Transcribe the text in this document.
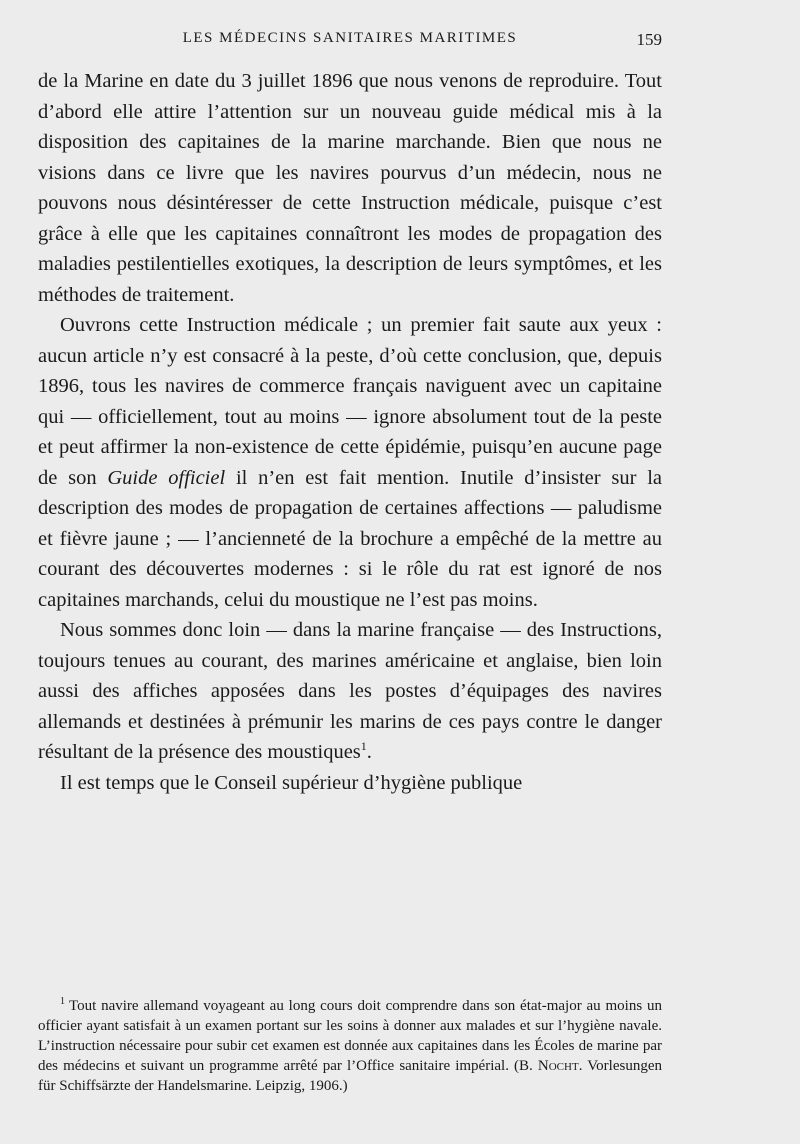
LES MÉDECINS SANITAIRES MARITIMES	159

de la Marine en date du 3 juillet 1896 que nous venons de reproduire. Tout d’abord elle attire l’attention sur un nouveau guide médical mis à la disposition des capitaines de la marine marchande. Bien que nous ne visions dans ce livre que les navires pourvus d’un médecin, nous ne pouvons nous désintéresser de cette Instruction médicale, puisque c’est grâce à elle que les capitaines connaîtront les modes de propagation des maladies pestilentielles exotiques, la description de leurs symptômes, et les méthodes de traitement.

Ouvrons cette Instruction médicale ; un premier fait saute aux yeux : aucun article n’y est consacré à la peste, d’où cette conclusion, que, depuis 1896, tous les navires de commerce français naviguent avec un capitaine qui — officiellement, tout au moins — ignore absolument tout de la peste et peut affirmer la non-existence de cette épidémie, puisqu’en aucune page de son Guide officiel il n’en est fait mention. Inutile d’insister sur la description des modes de propagation de certaines affections — paludisme et fièvre jaune ; — l’ancienneté de la brochure a empêché de la mettre au courant des découvertes modernes : si le rôle du rat est ignoré de nos capitaines marchands, celui du moustique ne l’est pas moins.

Nous sommes donc loin — dans la marine française — des Instructions, toujours tenues au courant, des marines américaine et anglaise, bien loin aussi des affiches apposées dans les postes d’équipages des navires allemands et destinées à prémunir les marins de ces pays contre le danger résultant de la présence des moustiques$^1$.

Il est temps que le Conseil supérieur d’hygiène publique

$^1$ Tout navire allemand voyageant au long cours doit comprendre dans son état-major au moins un officier ayant satisfait à un examen portant sur les soins à donner aux malades et sur l’hygiène navale. L’instruction nécessaire pour subir cet examen est donnée aux capitaines dans les Écoles de marine par des médecins et suivant un programme arrêté par l’Office sanitaire impérial. (B. Nocht. Vorlesungen für Schiffsärzte der Handelsmarine. Leipzig, 1906.)
